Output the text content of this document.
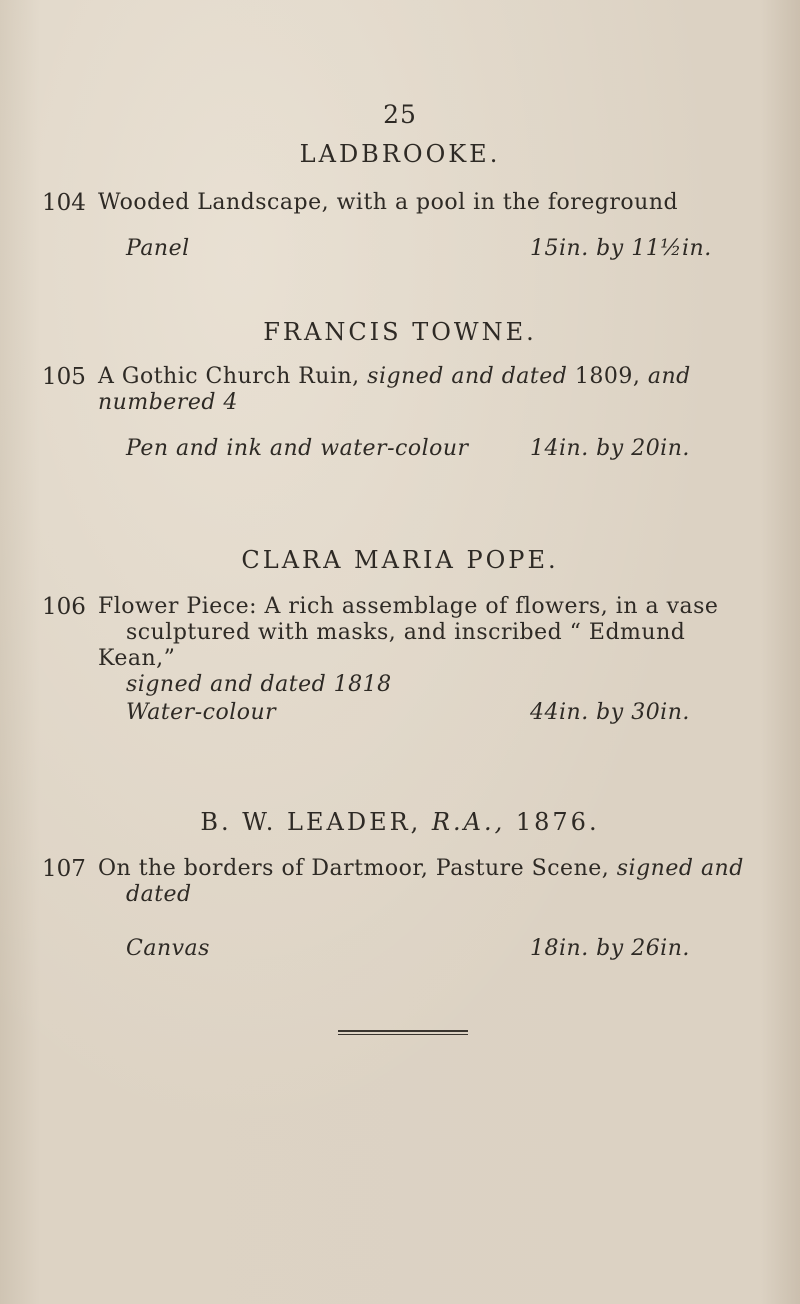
25
LADBROOKE.
104 Wooded Landscape, with a pool in the foreground
Panel	15in. by 11½in.
FRANCIS TOWNE.
105 A Gothic Church Ruin, signed and dated 1809, and
numbered 4
Pen and ink and water-colour	14in. by 20in.
CLARA MARIA POPE.
106 Flower Piece: A rich assemblage of flowers, in a vase
sculptured with masks, and inscribed “ Edmund Kean,”
signed and dated 1818
Water-colour	44in. by 30in.
B. W. LEADER, R.A., 1876.
107 On the borders of Dartmoor, Pasture Scene, signed and
dated
Canvas	18in. by 26in.
